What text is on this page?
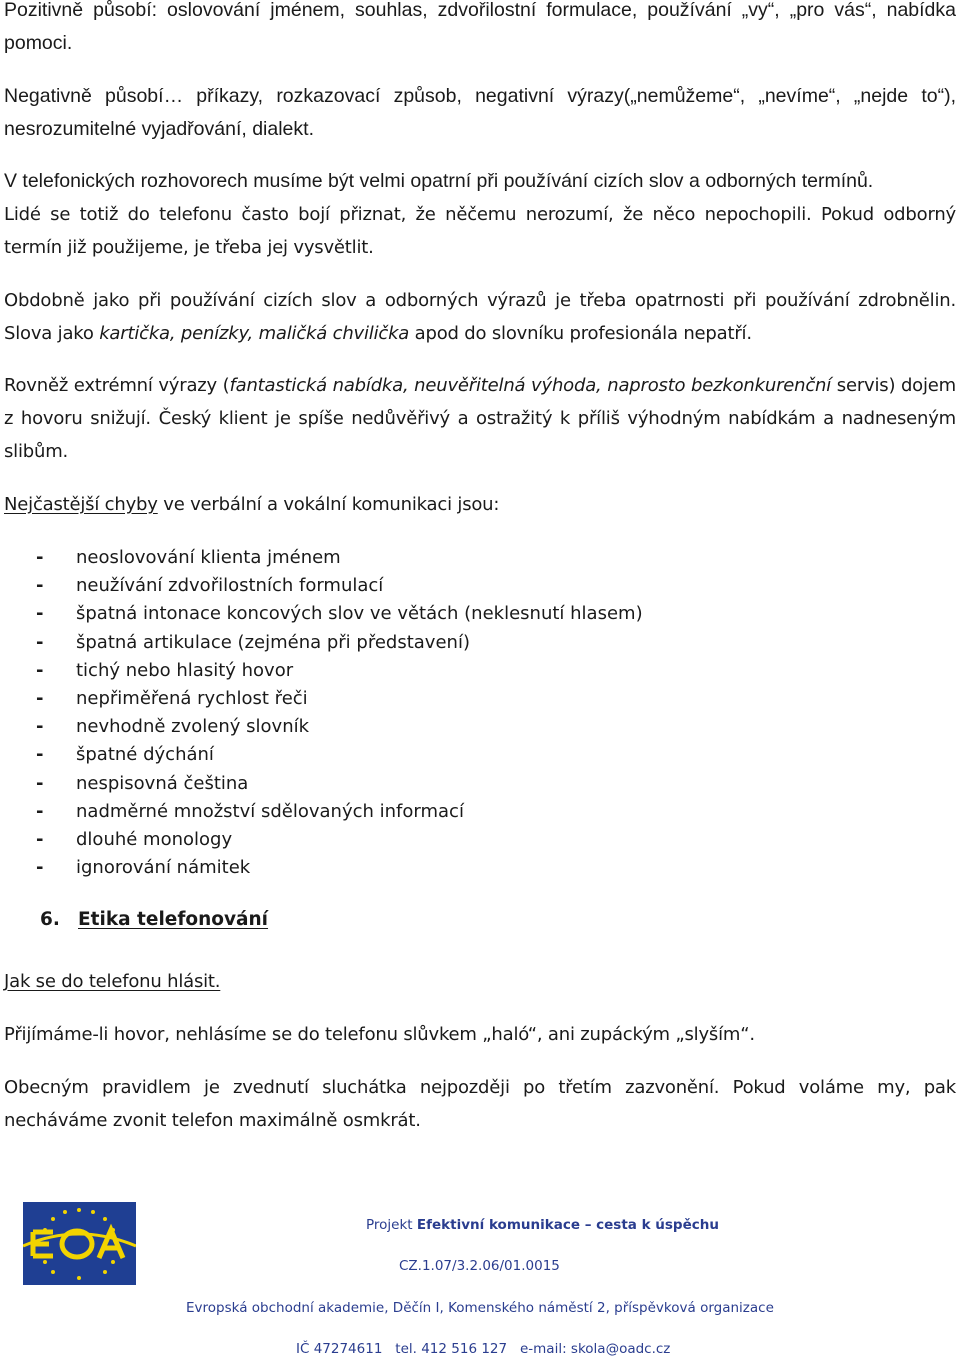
Pozitivně působí: oslovování jménem, souhlas, zdvořilostní formulace, používání „vy“, „pro vás“, nabídka pomoci.

Negativně působí… příkazy, rozkazovací způsob, negativní výrazy(„nemůžeme“, „nevíme“, „nejde to“), nesrozumitelné vyjadřování, dialekt.

V telefonických rozhovorech musíme být velmi opatrní při používání cizích slov a odborných termínů.

Lidé se totiž do telefonu často bojí přiznat, že něčemu nerozumí, že něco nepochopili. Pokud odborný termín již použijeme, je třeba jej vysvětlit.

Obdobně jako při používání cizích slov a odborných výrazů je třeba opatrnosti při používání zdrobnělin. Slova jako kartička, penízky, maličká chvilička apod do slovníku profesionála nepatří.

Rovněž extrémní výrazy (fantastická nabídka, neuvěřitelná výhoda, naprosto bezkonkurenční servis) dojem z hovoru snižují. Český klient je spíše nedůvěřivý a ostražitý k příliš výhodným nabídkám a nadneseným slibům.

Nejčastější chyby ve verbální a vokální komunikaci jsou:

- neoslovování klienta jménem
- neužívání zdvořilostních formulací
- špatná intonace koncových slov ve větách (neklesnutí hlasem)
- špatná artikulace (zejména při představení)
- tichý nebo hlasitý hovor
- nepřiměřená rychlost řeči
- nevhodně zvolený slovník
- špatné dýchání
- nespisovná čeština
- nadměrné množství sdělovaných informací
- dlouhé monology
- ignorování námitek
6. Etika telefonování

Jak se do telefonu hlásit.

Přijímáme-li hovor, nehlásíme se do telefonu slůvkem „haló“, ani zupáckým „slyším“.

Obecným pravidlem je zvednutí sluchátka nejpozději po třetím zazvonění. Pokud voláme my, pak necháváme zvonit telefon maximálně osmkrát.

Projekt Efektivní komunikace – cesta k úspěchu
CZ.1.07/3.2.06/01.0015
Evropská obchodní akademie, Děčín I, Komenského náměstí 2, příspěvková organizace
IČ 47274611   tel. 412 516 127   e-mail: skola@oadc.cz
